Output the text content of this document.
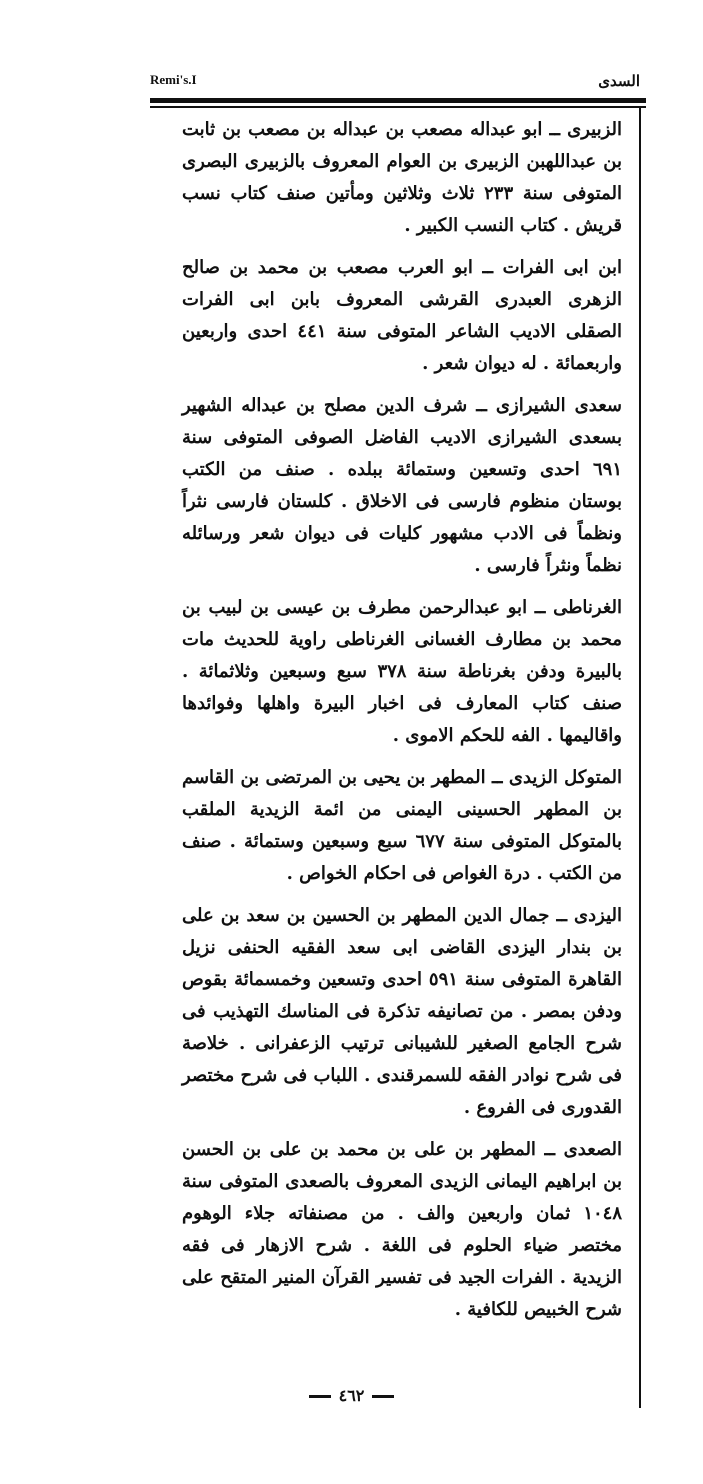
السدى
Remi's.I

الزبيرى ــ ابو عبداله مصعب بن عبداله بن مصعب بن ثابت بن عبداللهبن الزبيرى بن العوام المعروف بالزبيرى البصرى المتوفى سنة ٢٣٣ ثلاث وثلاثين ومأتين صنف كتاب نسب قريش . كتاب النسب الكبير .

ابن ابى الفرات ــ ابو العرب مصعب بن محمد بن صالح الزهرى العبدرى القرشى المعروف بابن ابى الفرات الصقلى الاديب الشاعر المتوفى سنة ٤٤١ احدى واربعين واربعمائة . له ديوان شعر .

سعدى الشيرازى ــ شرف الدين مصلح بن عبداله الشهير بسعدى الشيرازى الاديب الفاضل الصوفى المتوفى سنة ٦٩١ احدى وتسعين وستمائة ببلده . صنف من الكتب بوستان منظوم فارسى فى الاخلاق . كلستان فارسى نثراً ونظماً فى الادب مشهور كليات فى ديوان شعر ورسائله نظماً ونثراً فارسى .

الغرناطى ــ ابو عبدالرحمن مطرف بن عيسى بن لبيب بن محمد بن مطارف الغسانى الغرناطى راوية للحديث مات بالبيرة ودفن بغرناطة سنة ٣٧٨ سبع وسبعين وثلاثمائة . صنف كتاب المعارف فى اخبار البيرة واهلها وفوائدها واقاليمها . الفه للحكم الاموى .

المتوكل الزيدى ــ المطهر بن يحيى بن المرتضى بن القاسم بن المطهر الحسينى اليمنى من ائمة الزيدية الملقب بالمتوكل المتوفى سنة ٦٧٧ سبع وسبعين وستمائة . صنف من الكتب . درة الغواص فى احكام الخواص .

اليزدى ــ جمال الدين المطهر بن الحسين بن سعد بن على بن بندار اليزدى القاضى ابى سعد الفقيه الحنفى نزيل القاهرة المتوفى سنة ٥٩١ احدى وتسعين وخمسمائة بقوص ودفن بمصر . من تصانيفه تذكرة فى المناسك التهذيب فى شرح الجامع الصغير للشيبانى ترتيب الزعفرانى . خلاصة فى شرح نوادر الفقه للسمرقندى . اللباب فى شرح مختصر القدورى فى الفروع .

الصعدى ــ المطهر بن على بن محمد بن على بن الحسن بن ابراهيم اليمانى الزيدى المعروف بالصعدى المتوفى سنة ١٠٤٨ ثمان واربعين والف . من مصنفاته جلاء الوهوم مختصر ضياء الحلوم فى اللغة . شرح الازهار فى فقه الزيدية . الفرات الجيد فى تفسير القرآن المنير المتقح على شرح الخبيص للكافية .

٤٦٢
